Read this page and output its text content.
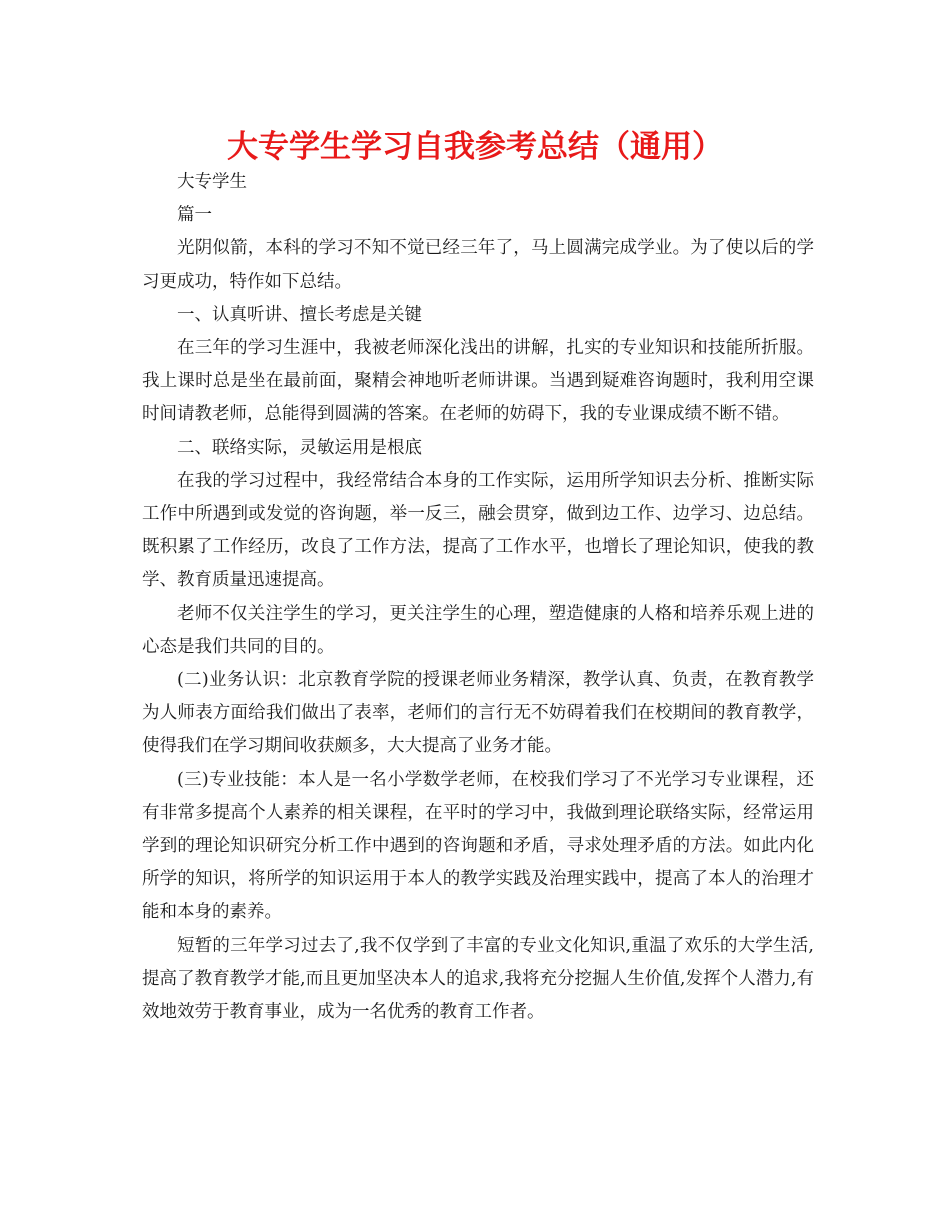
大专学生学习自我参考总结（通用）

大专学生

篇一

光阴似箭，本科的学习不知不觉已经三年了，马上圆满完成学业。为了使以后的学习更成功，特作如下总结。

一、认真听讲、擅长考虑是关键

在三年的学习生涯中，我被老师深化浅出的讲解，扎实的专业知识和技能所折服。我上课时总是坐在最前面，聚精会神地听老师讲课。当遇到疑难咨询题时，我利用空课时间请教老师，总能得到圆满的答案。在老师的妨碍下，我的专业课成绩不断不错。

二、联络实际，灵敏运用是根底

在我的学习过程中，我经常结合本身的工作实际，运用所学知识去分析、推断实际工作中所遇到或发觉的咨询题，举一反三，融会贯穿，做到边工作、边学习、边总结。既积累了工作经历，改良了工作方法，提高了工作水平，也增长了理论知识，使我的教学、教育质量迅速提高。

老师不仅关注学生的学习，更关注学生的心理，塑造健康的人格和培养乐观上进的心态是我们共同的目的。

(二)业务认识：北京教育学院的授课老师业务精深，教学认真、负责，在教育教学为人师表方面给我们做出了表率，老师们的言行无不妨碍着我们在校期间的教育教学，使得我们在学习期间收获颇多，大大提高了业务才能。

(三)专业技能：本人是一名小学数学老师，在校我们学习了不光学习专业课程，还有非常多提高个人素养的相关课程，在平时的学习中，我做到理论联络实际，经常运用学到的理论知识研究分析工作中遇到的咨询题和矛盾，寻求处理矛盾的方法。如此内化所学的知识，将所学的知识运用于本人的教学实践及治理实践中，提高了本人的治理才能和本身的素养。

短暂的三年学习过去了,我不仅学到了丰富的专业文化知识,重温了欢乐的大学生活,提高了教育教学才能,而且更加坚决本人的追求,我将充分挖掘人生价值,发挥个人潜力,有效地效劳于教育事业，成为一名优秀的教育工作者。
